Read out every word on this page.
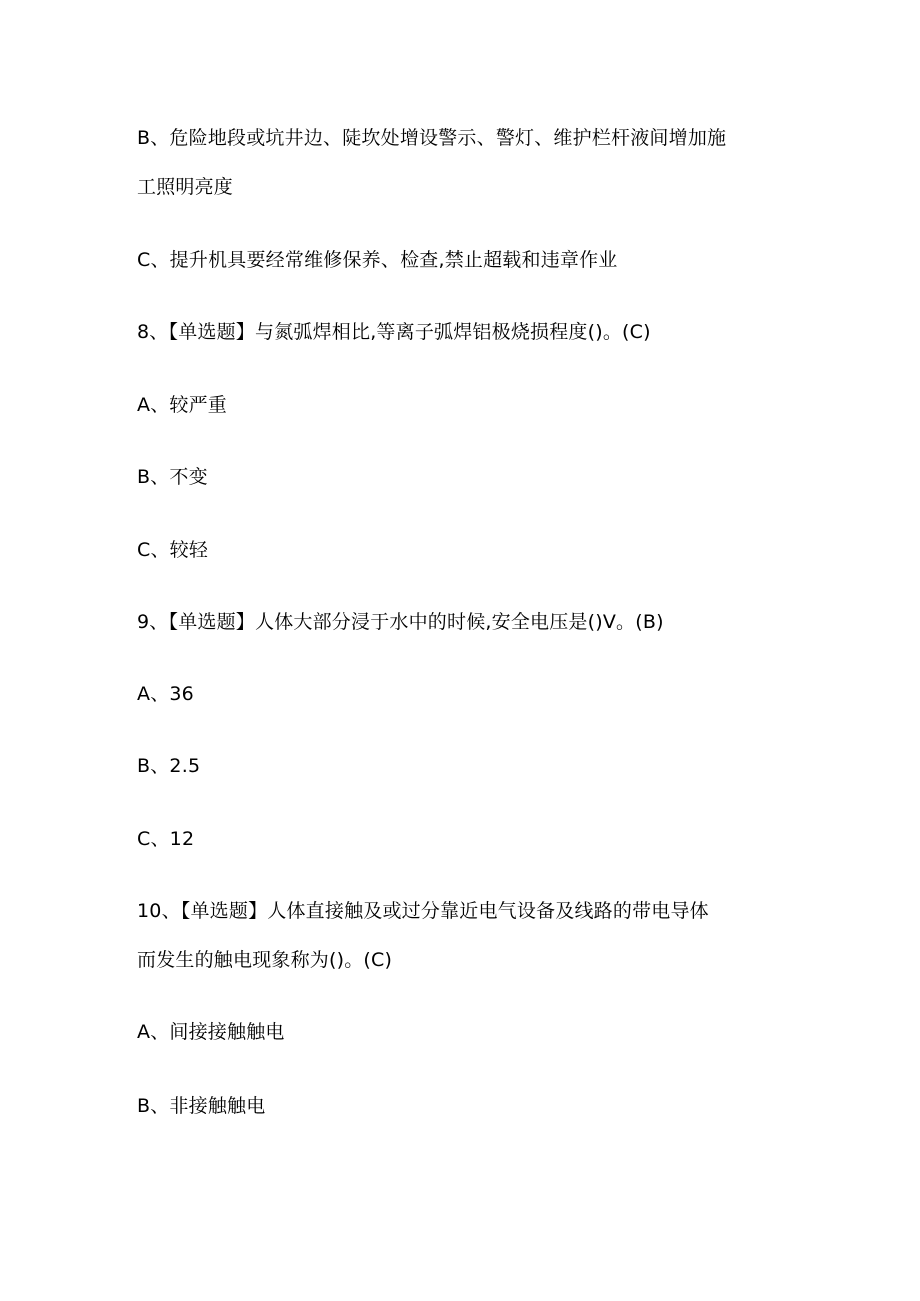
B、危险地段或坑井边、陡坎处增设警示、警灯、维护栏杆液间增加施
工照明亮度
C、提升机具要经常维修保养、检查,禁止超载和违章作业
8、【单选题】与氮弧焊相比,等离子弧焊铝极烧损程度()。(C)
A、较严重
B、不变
C、较轻
9、【单选题】人体大部分浸于水中的时候,安全电压是()V。(B)
A、36
B、2.5
C、12
10、【单选题】人体直接触及或过分靠近电气设备及线路的带电导体
而发生的触电现象称为()。(C)
A、间接接触触电
B、非接触触电
